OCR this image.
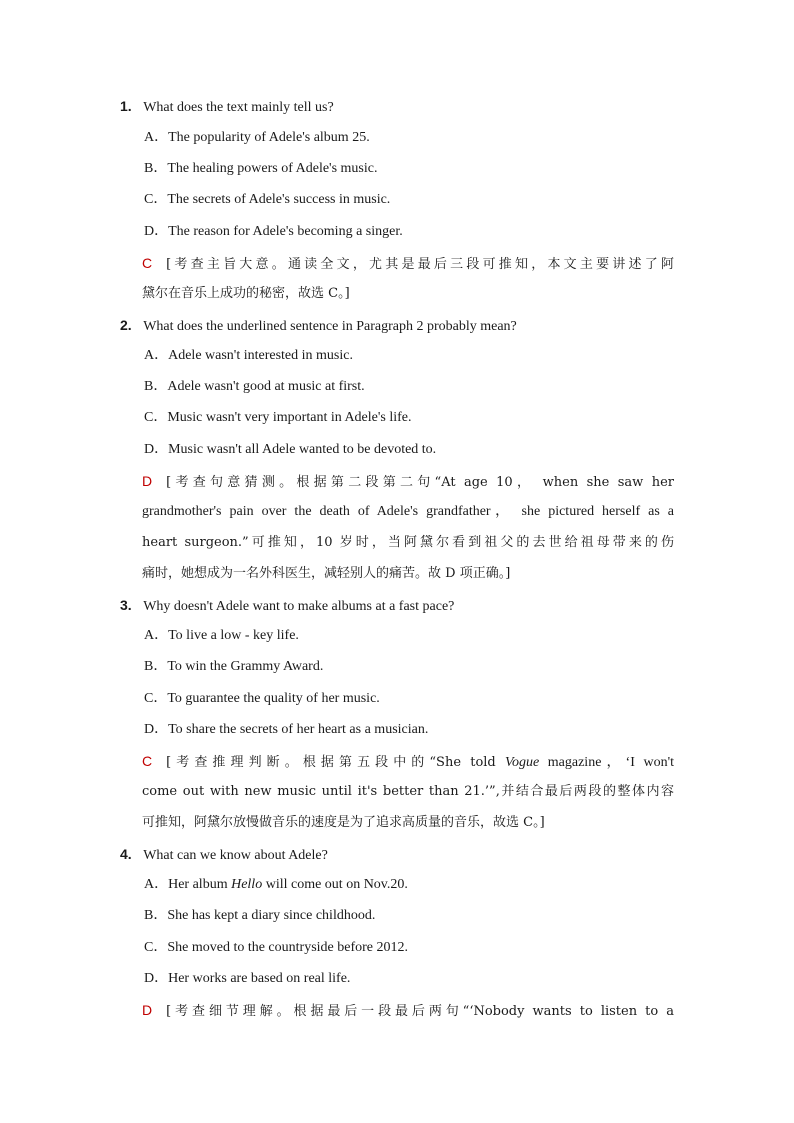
1. What does the text mainly tell us?
A．The popularity of Adele's album 25.
B．The healing powers of Adele's music.
C．The secrets of Adele's success in music.
D．The reason for Adele's becoming a singer.
C [考查主旨大意。通读全文，尤其是最后三段可推知，本文主要讲述了阿
黛尔在音乐上成功的秘密，故选 C。]
2. What does the underlined sentence in Paragraph 2 probably mean?
A．Adele wasn't interested in music.
B．Adele wasn't good at music at first.
C．Music wasn't very important in Adele's life.
D．Music wasn't all Adele wanted to be devoted to.
D [考查句意猜测。根据第二段第二句“At age 10， when she saw her
grandmother's pain over the death of Adele's grandfather， she pictured herself as a
heart surgeon.”可推知，10 岁时，当阿黛尔看到祖父的去世给祖母带来的伤
痛时，她想成为一名外科医生，减轻别人的痛苦。故 D 项正确。]
3. Why doesn't Adele want to make albums at a fast pace?
A．To live a low - key life.
B．To win the Grammy Award.
C．To guarantee the quality of her music.
D．To share the secrets of her heart as a musician.
C [考查推理判断。根据第五段中的“She told Vogue magazine，‘I won't
come out with new music until it's better than 21.’”,并结合最后两段的整体内容
可推知，阿黛尔放慢做音乐的速度是为了追求高质量的音乐，故选 C。]
4. What can we know about Adele?
A．Her album Hello will come out on Nov.20.
B．She has kept a diary since childhood.
C．She moved to the countryside before 2012.
D．Her works are based on real life.
D [考查细节理解。根据最后一段最后两句“‘Nobody wants to listen to a
